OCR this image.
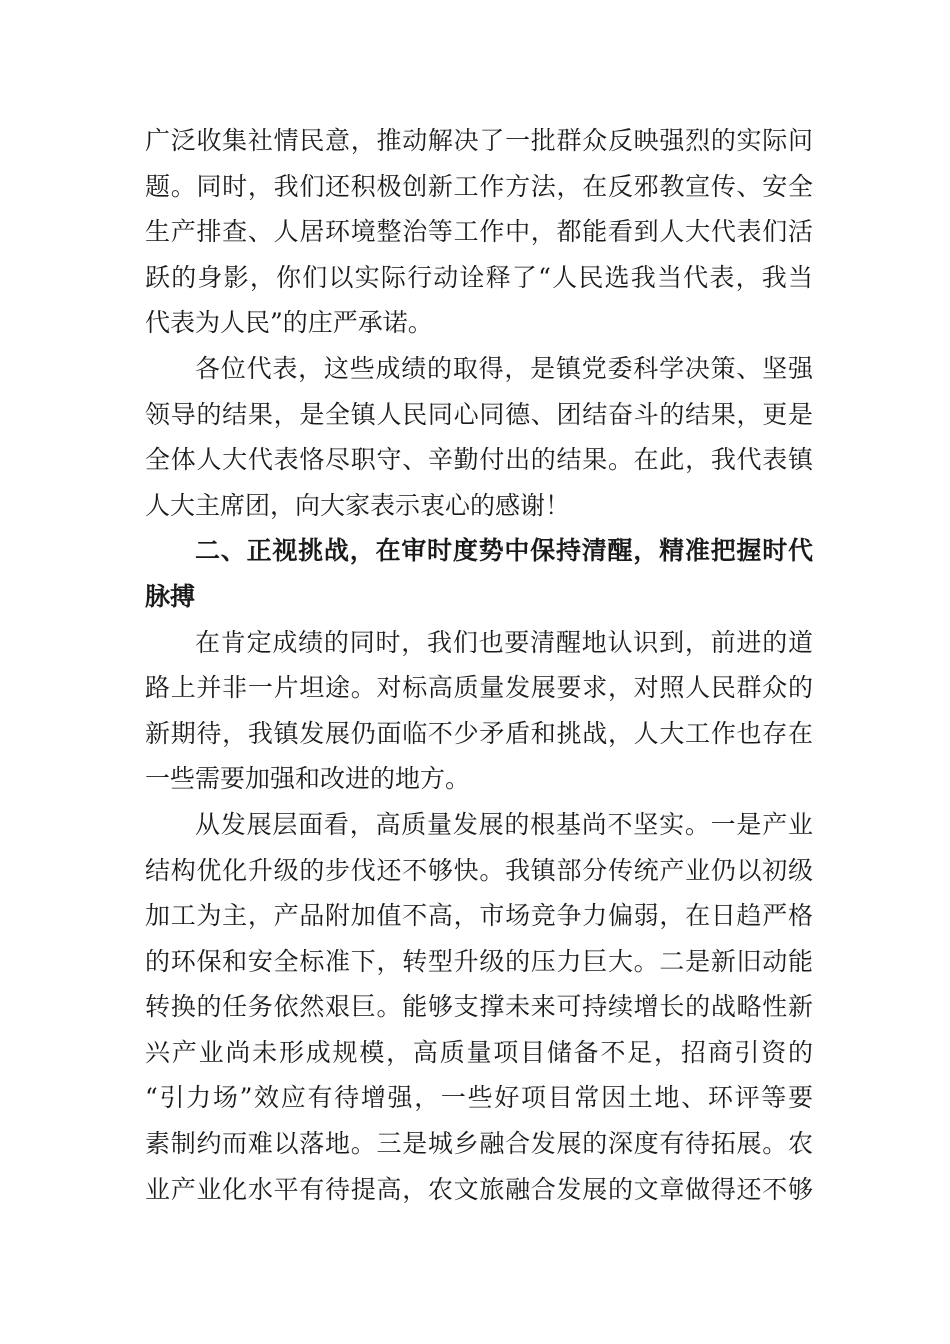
广泛收集社情民意，推动解决了一批群众反映强烈的实际问
题。同时，我们还积极创新工作方法，在反邪教宣传、安全
生产排查、人居环境整治等工作中，都能看到人大代表们活
跃的身影，你们以实际行动诠释了“人民选我当代表，我当
代表为人民”的庄严承诺。
各位代表，这些成绩的取得，是镇党委科学决策、坚强
领导的结果，是全镇人民同心同德、团结奋斗的结果，更是
全体人大代表恪尽职守、辛勤付出的结果。在此，我代表镇
人大主席团，向大家表示衷心的感谢！
二、正视挑战，在审时度势中保持清醒，精准把握时代
脉搏
在肯定成绩的同时，我们也要清醒地认识到，前进的道
路上并非一片坦途。对标高质量发展要求，对照人民群众的
新期待，我镇发展仍面临不少矛盾和挑战，人大工作也存在
一些需要加强和改进的地方。
从发展层面看，高质量发展的根基尚不坚实。一是产业
结构优化升级的步伐还不够快。我镇部分传统产业仍以初级
加工为主，产品附加值不高，市场竞争力偏弱，在日趋严格
的环保和安全标准下，转型升级的压力巨大。二是新旧动能
转换的任务依然艰巨。能够支撑未来可持续增长的战略性新
兴产业尚未形成规模，高质量项目储备不足，招商引资的
“引力场”效应有待增强，一些好项目常因土地、环评等要
素制约而难以落地。三是城乡融合发展的深度有待拓展。农
业产业化水平有待提高，农文旅融合发展的文章做得还不够
